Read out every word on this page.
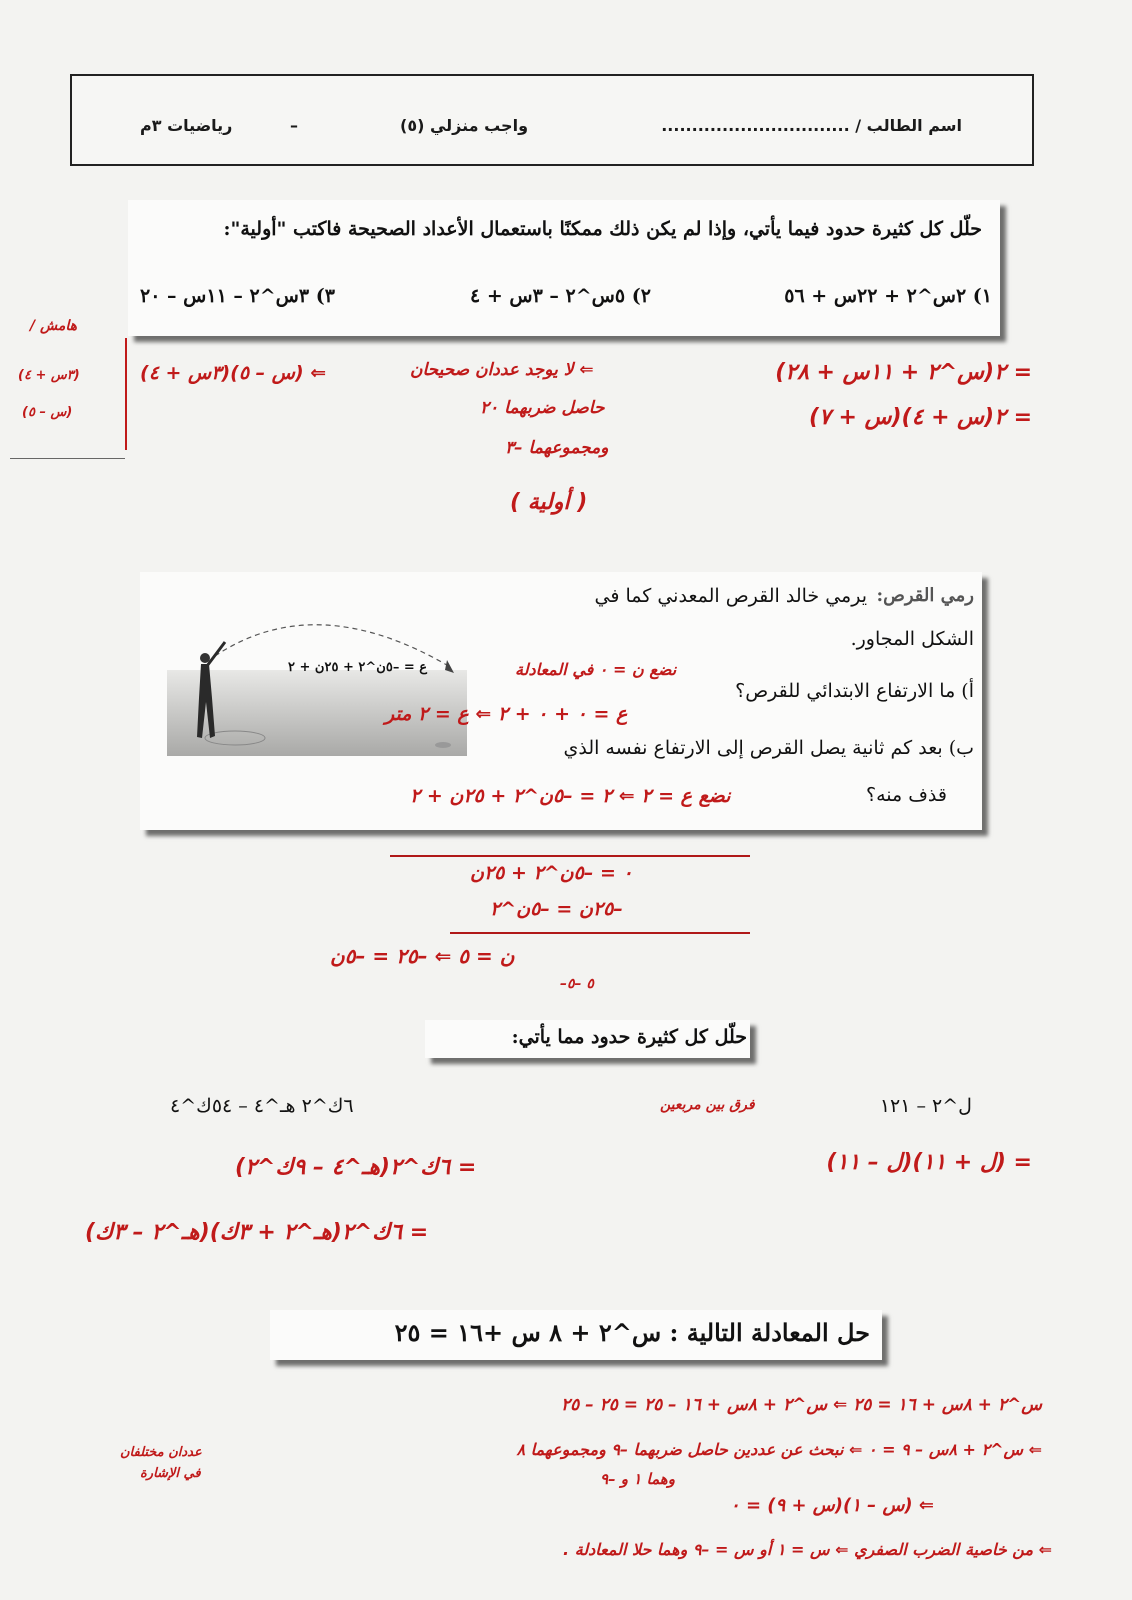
اسم الطالب / ...............................
واجب منزلي (٥)
–
رياضيات ٣م
حلّل كل كثيرة حدود فيما يأتي، وإذا لم يكن ذلك ممكنًا باستعمال الأعداد الصحيحة فاكتب "أولية":
١) ٢س^٢ + ٢٢س + ٥٦
٢) ٥س^٢ – ٣س + ٤
٣) ٣س^٢ – ١١س – ٢٠
= ٢(س^٢ + ١١س + ٢٨)
= ٢(س + ٤)(س + ٧)
⇐ لا يوجد عددان صحيحان
حاصل ضربهما ٢٠
ومجموعهما –٣
( أولية )
⇐ (س – ٥)(٣س + ٤)
هامش /
(٣س + ٤)
(س – ٥)
رمي القرص:
يرمي خالد القرص المعدني كما في
الشكل المجاور.
أ) ما الارتفاع الابتدائي للقرص؟
ب) بعد كم ثانية يصل القرص إلى الارتفاع نفسه الذي
قذف منه؟
ع = –٥ن^٢ + ٢٥ن + ٢	نضع ن = ٠ في المعادلة
ع = ٠ + ٠ + ٢ ⇐ ع = ٢ متر
نضع ع = ٢ ⇐ ٢ = –٥ن^٢ + ٢٥ن + ٢
٠ = –٥ن^٢ + ٢٥ن
–٢٥ن = –٥ن^٢
ن = ٥ ⇐ –٢٥ = –٥ن
–٥ –٥
حلّل كل كثيرة حدود مما يأتي:
ل^٢ – ١٢١
فرق بين مربعين
٦ك^٢ هـ^٤ – ٥٤ك^٤
= (ل + ١١)(ل – ١١)
= ٦ك^٢(هـ^٤ – ٩ك^٢)
= ٦ك^٢(هـ^٢ + ٣ك)(هـ^٢ – ٣ك)
حل المعادلة التالية : س^٢ + ٨ س +١٦ = ٢٥
س^٢ + ٨س + ١٦ = ٢٥ ⇐ س^٢ + ٨س + ١٦ – ٢٥ = ٢٥ – ٢٥
⇐ س^٢ + ٨س – ٩ = ٠ ⇐ نبحث عن عددين حاصل ضربهما –٩ ومجموعهما ٨
وهما ١ و –٩
⇐ (س – ١)(س + ٩) = ٠
⇐ من خاصية الضرب الصفري ⇐ س = ١ أو س = –٩ وهما حلا المعادلة .
عددان مختلفان
في الإشارة
